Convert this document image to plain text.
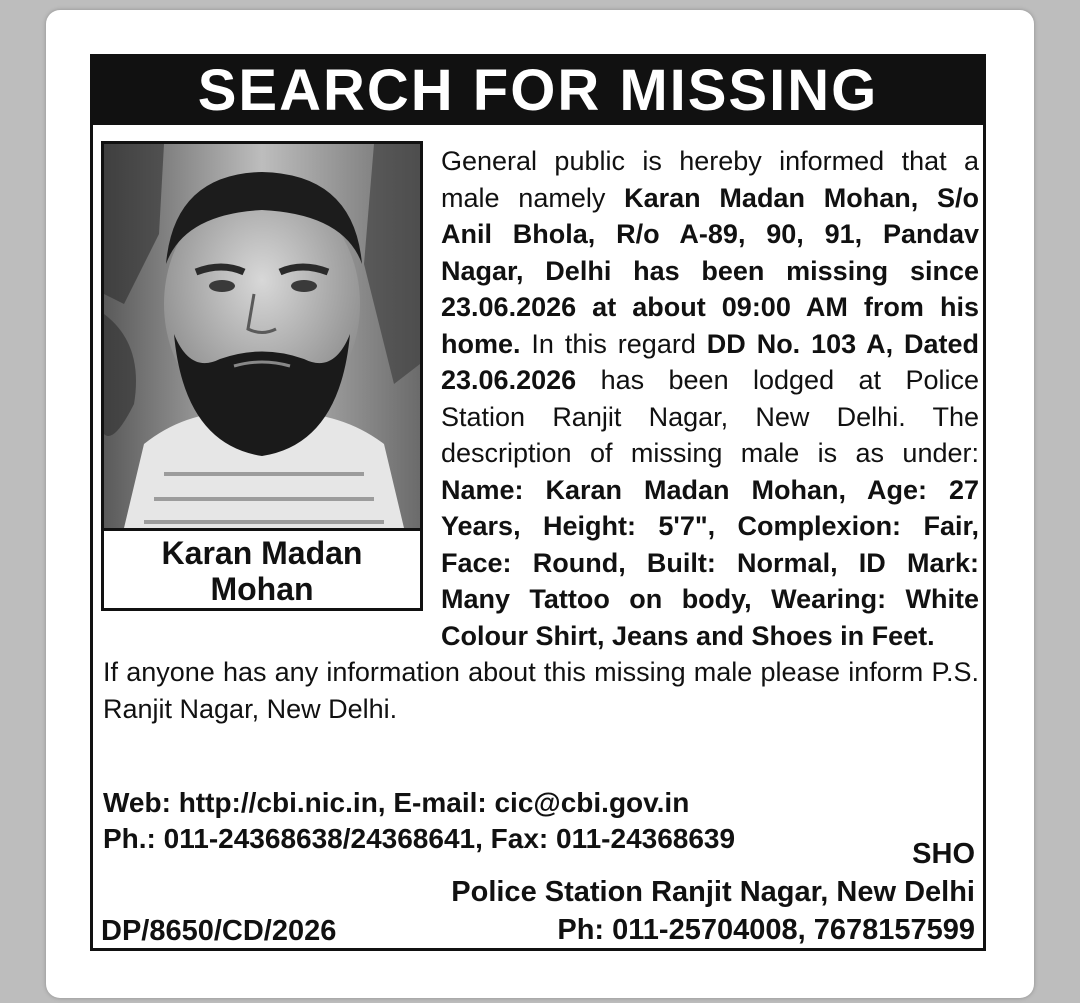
SEARCH FOR MISSING
Karan Madan
Mohan

General public is hereby informed that a male namely Karan Madan Mohan, S/o Anil Bhola, R/o A-89, 90, 91, Pandav Nagar, Delhi has been missing since 23.06.2026 at about 09:00 AM from his home. In this regard DD No. 103 A, Dated 23.06.2026 has been lodged at Police Station Ranjit Nagar, New Delhi. The description of missing male is as under: Name: Karan Madan Mohan, Age: 27 Years, Height: 5'7", Complexion: Fair, Face: Round, Built: Normal, ID Mark: Many Tattoo on body, Wearing: White Colour Shirt, Jeans and Shoes in Feet.
If anyone has any information about this missing male please inform P.S. Ranjit Nagar, New Delhi.

Web: http://cbi.nic.in, E-mail: cic@cbi.gov.in
Ph.: 011-24368638/24368641, Fax: 011-24368639	SHO
Police Station Ranjit Nagar, New Delhi
Ph: 011-25704008, 7678157599
DP/8650/CD/2026
